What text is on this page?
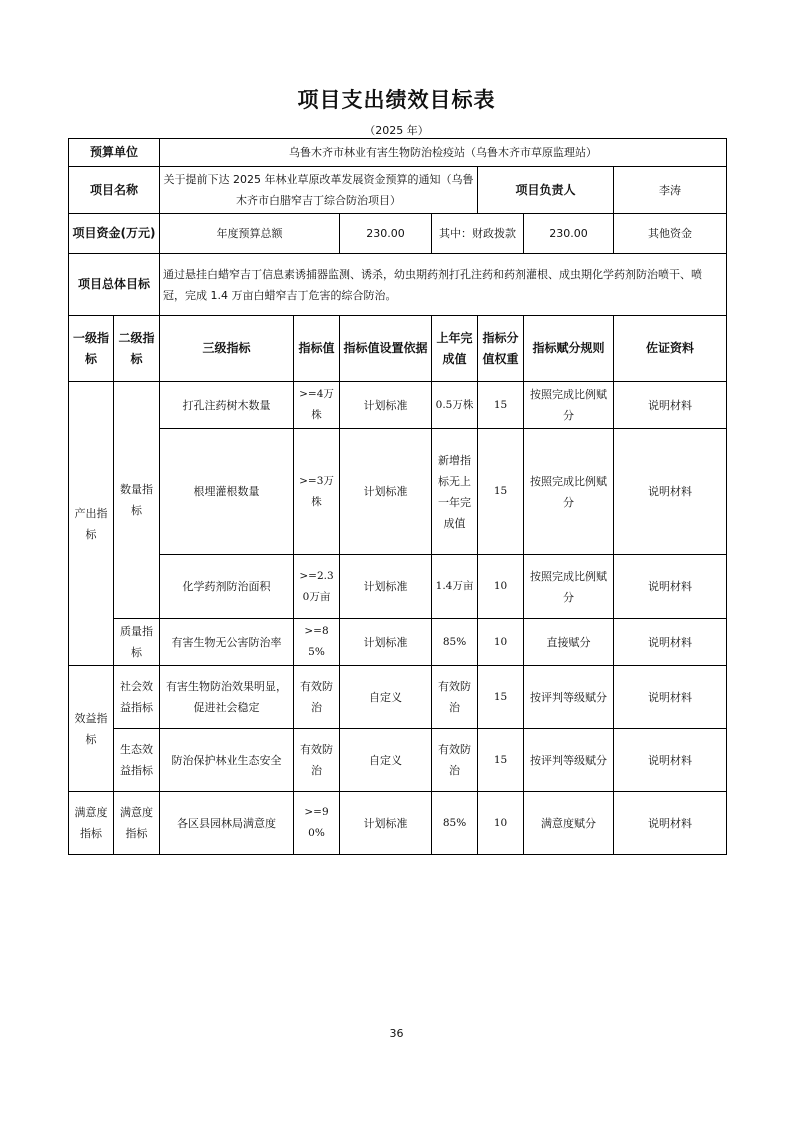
项目支出绩效目标表
（2025 年）
预算单位		乌鲁木齐市林业有害生物防治检疫站（乌鲁木齐市草原监理站）						
项目名称		关于提前下达 2025 年林业草原改革发展资金预算的通知（乌鲁木齐市白腊窄吉丁综合防治项目）				项目负责人		李涛
项目资金(万元)		年度预算总额		230.00	其中：财政拨款		230.00	其他资金
项目总体目标		通过悬挂白蜡窄吉丁信息素诱捕器监测、诱杀，幼虫期药剂打孔注药和药剂灌根、成虫期化学药剂防治喷干、喷冠，完成 1.4 万亩白蜡窄吉丁危害的综合防治。						
一级指标	二级指标	三级指标	指标值	指标值设置依据	上年完成值	指标分值权重	指标赋分规则	佐证资料
产出指标	数量指标	打孔注药树木数量	>=4万株	计划标准	0.5万株	15	按照完成比例赋分	说明材料
		根埋灌根数量	>=3万株	计划标准	新增指标无上一年完成值	15	按照完成比例赋分	说明材料
		化学药剂防治面积	>=2.30万亩	计划标准	1.4万亩	10	按照完成比例赋分	说明材料
	质量指标	有害生物无公害防治率	>=85%	计划标准	85%	10	直接赋分	说明材料
效益指标	社会效益指标	有害生物防治效果明显，促进社会稳定	有效防治	自定义	有效防治	15	按评判等级赋分	说明材料
	生态效益指标	防治保护林业生态安全	有效防治	自定义	有效防治	15	按评判等级赋分	说明材料
满意度指标	满意度指标	各区县园林局满意度	>=90%	计划标准	85%	10	满意度赋分	说明材料
36
